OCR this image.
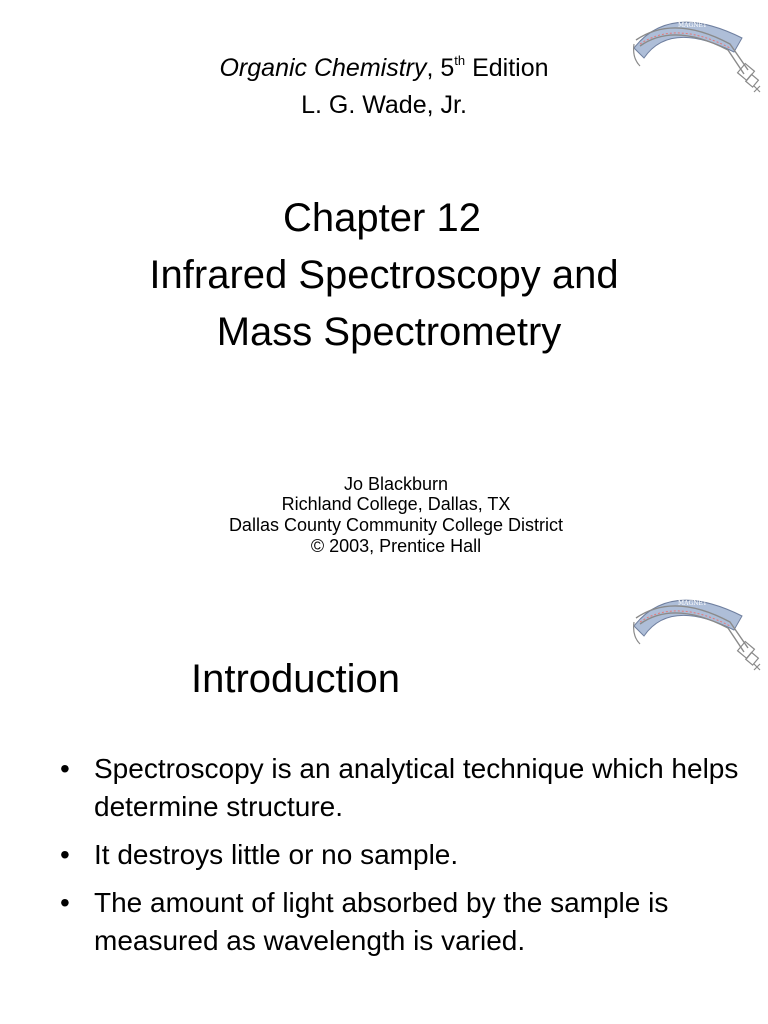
MAGNET
Organic Chemistry, 5th Edition
L. G. Wade, Jr.
Chapter 12
Infrared Spectroscopy and
Mass Spectrometry
Jo Blackburn
Richland College, Dallas, TX
Dallas County Community College District
© 2003, Prentice Hall
MAGNET
Introduction
• Spectroscopy is an analytical technique which helps determine structure.
• It destroys little or no sample.
• The amount of light absorbed by the sample is measured as wavelength is varied.
